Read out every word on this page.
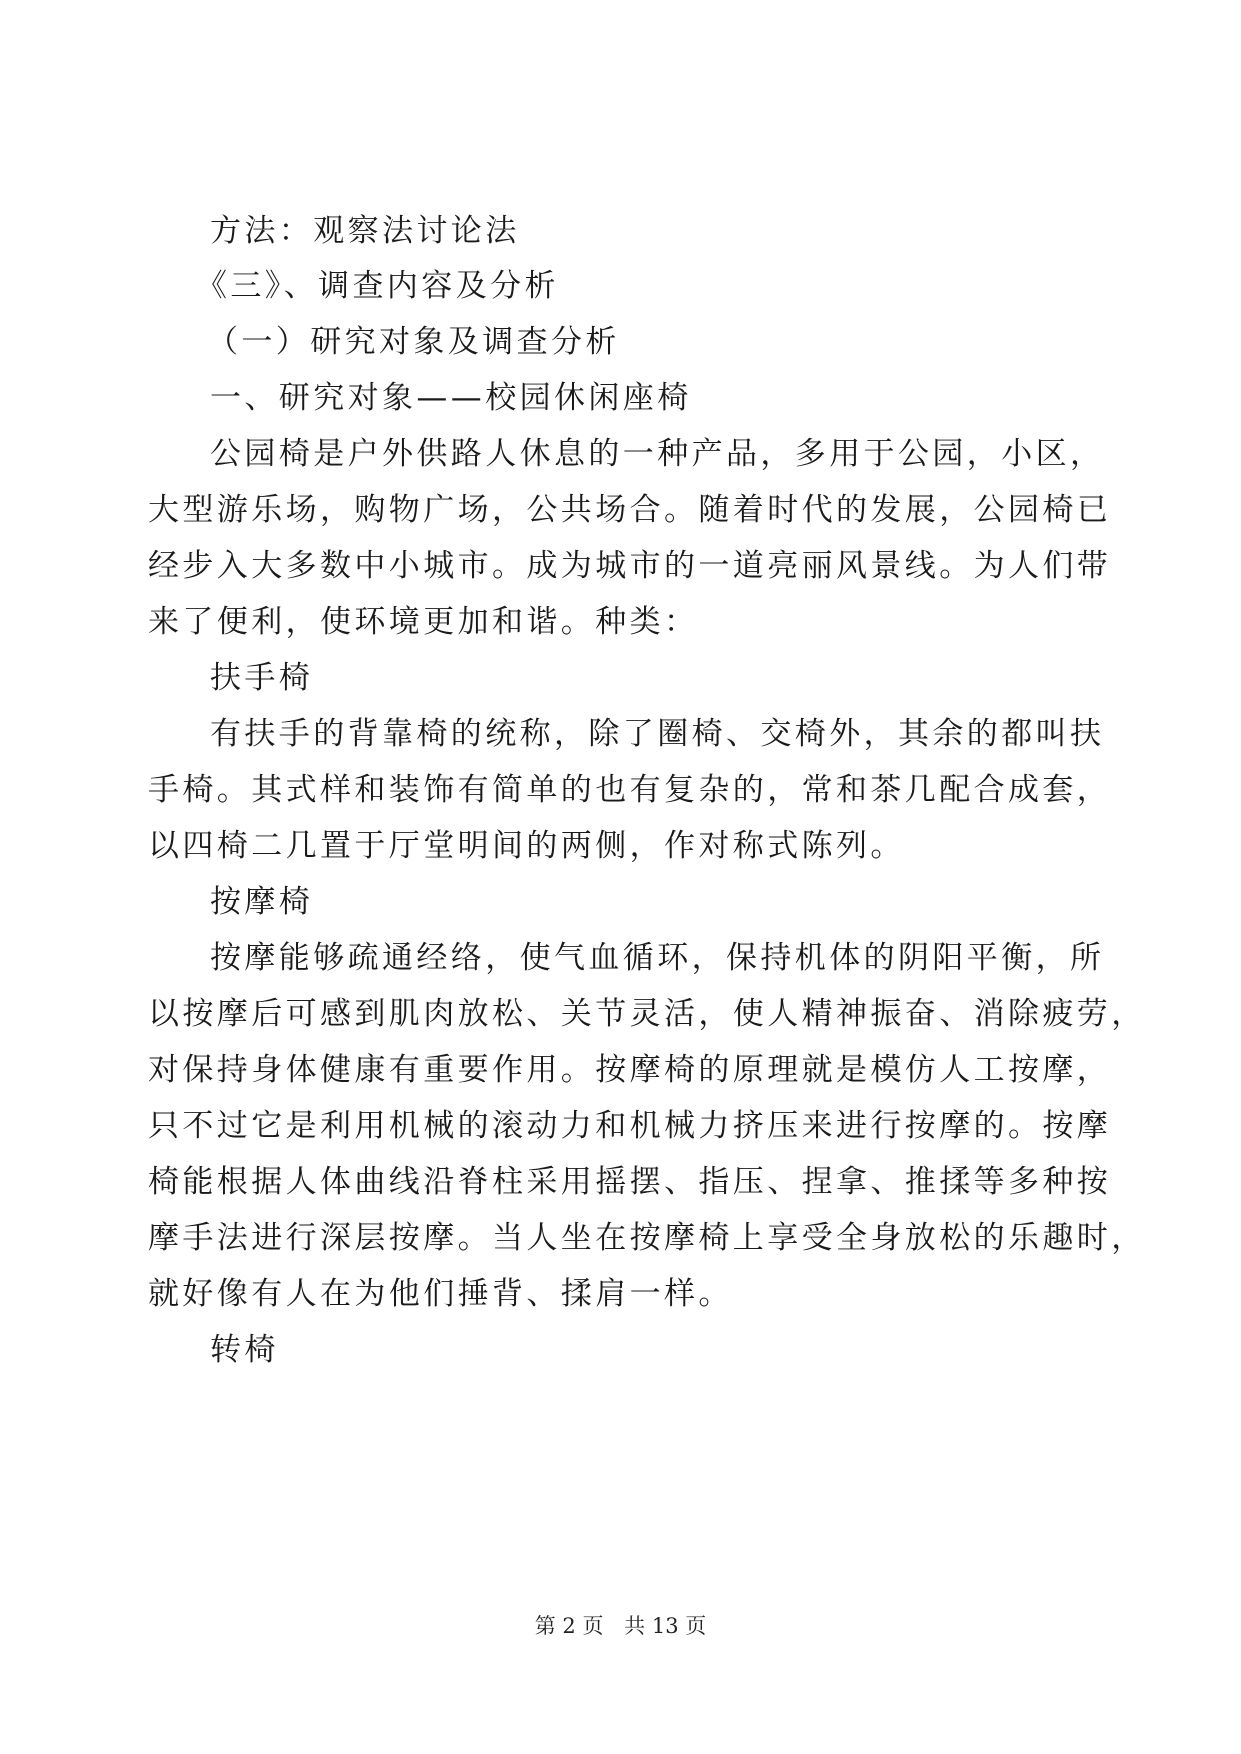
方法：观察法讨论法
《三》、调查内容及分析
（一）研究对象及调查分析
一、研究对象——校园休闲座椅
公园椅是户外供路人休息的一种产品，多用于公园，小区，
大型游乐场，购物广场，公共场合。随着时代的发展，公园椅已
经步入大多数中小城市。成为城市的一道亮丽风景线。为人们带
来了便利，使环境更加和谐。种类：
扶手椅
有扶手的背靠椅的统称，除了圈椅、交椅外，其余的都叫扶
手椅。其式样和装饰有简单的也有复杂的，常和茶几配合成套，
以四椅二几置于厅堂明间的两侧，作对称式陈列。
按摩椅
按摩能够疏通经络，使气血循环，保持机体的阴阳平衡，所
以按摩后可感到肌肉放松、关节灵活，使人精神振奋、消除疲劳，
对保持身体健康有重要作用。按摩椅的原理就是模仿人工按摩，
只不过它是利用机械的滚动力和机械力挤压来进行按摩的。按摩
椅能根据人体曲线沿脊柱采用摇摆、指压、捏拿、推揉等多种按
摩手法进行深层按摩。当人坐在按摩椅上享受全身放松的乐趣时，
就好像有人在为他们捶背、揉肩一样。
转椅
第 2 页 共 13 页
